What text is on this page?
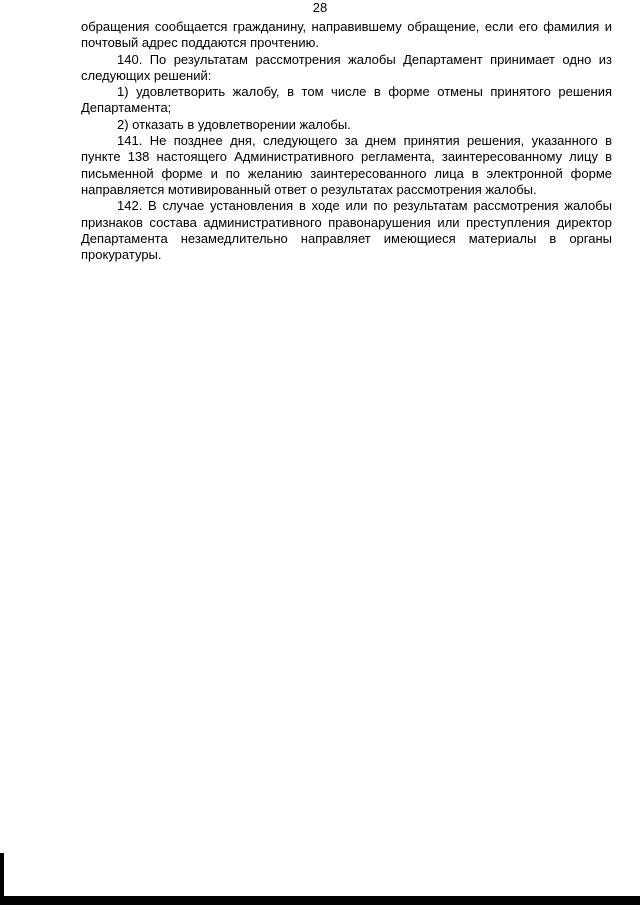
28

обращения сообщается гражданину, направившему обращение, если его фамилия и почтовый адрес поддаются прочтению.

140. По результатам рассмотрения жалобы Департамент принимает одно из следующих решений:

1) удовлетворить жалобу, в том числе в форме отмены принятого решения Департамента;

2) отказать в удовлетворении жалобы.

141. Не позднее дня, следующего за днем принятия решения, указанного в пункте 138 настоящего Административного регламента, заинтересованному лицу в письменной форме и по желанию заинтересованного лица в электронной форме направляется мотивированный ответ о результатах рассмотрения жалобы.

142. В случае установления в ходе или по результатам рассмотрения жалобы признаков состава административного правонарушения или преступления директор Департамента незамедлительно направляет имеющиеся материалы в органы прокуратуры.
